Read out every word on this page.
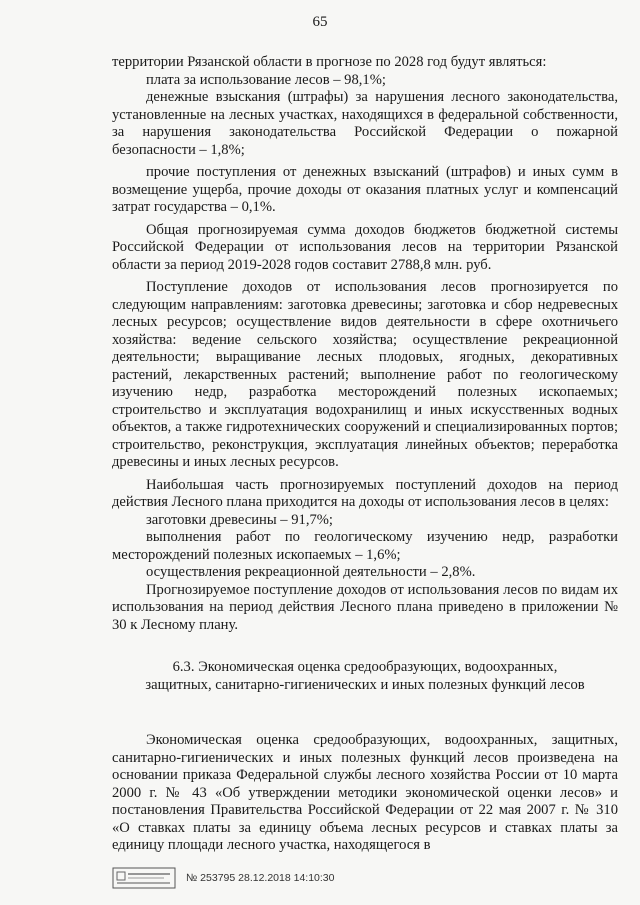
65

территории Рязанской области в прогнозе по 2028 год будут являться:

плата за использование лесов – 98,1%;

денежные взыскания (штрафы) за нарушения лесного законодательства, установленные на лесных участках, находящихся в федеральной собственности, за нарушения законодательства Российской Федерации о пожарной безопасности – 1,8%;

прочие поступления от денежных взысканий (штрафов) и иных сумм в возмещение ущерба, прочие доходы от оказания платных услуг и компенсаций затрат государства – 0,1%.

Общая прогнозируемая сумма доходов бюджетов бюджетной системы Российской Федерации от использования лесов на территории Рязанской области за период 2019-2028 годов составит 2788,8 млн. руб.

Поступление доходов от использования лесов прогнозируется по следующим направлениям: заготовка древесины; заготовка и сбор недревесных лесных ресурсов; осуществление видов деятельности в сфере охотничьего хозяйства: ведение сельского хозяйства; осуществление рекреационной деятельности; выращивание лесных плодовых, ягодных, декоративных растений, лекарственных растений; выполнение работ по геологическому изучению недр, разработка месторождений полезных ископаемых; строительство и эксплуатация водохранилищ и иных искусственных водных объектов, а также гидротехнических сооружений и специализированных портов; строительство, реконструкция, эксплуатация линейных объектов; переработка древесины и иных лесных ресурсов.

Наибольшая часть прогнозируемых поступлений доходов на период действия Лесного плана приходится на доходы от использования лесов в целях:

заготовки древесины – 91,7%;

выполнения работ по геологическому изучению недр, разработки месторождений полезных ископаемых – 1,6%;

осуществления рекреационной деятельности – 2,8%.

Прогнозируемое поступление доходов от использования лесов по видам их использования на период действия Лесного плана приведено в приложении № 30 к Лесному плану.

6.3. Экономическая оценка средообразующих, водоохранных,
защитных, санитарно-гигиенических и иных полезных функций лесов

Экономическая оценка средообразующих, водоохранных, защитных, санитарно-гигиенических и иных полезных функций лесов произведена на основании приказа Федеральной службы лесного хозяйства России от 10 марта 2000 г. № 43 «Об утверждении методики экономической оценки лесов» и постановления Правительства Российской Федерации от 22 мая 2007 г. № 310 «О ставках платы за единицу объема лесных ресурсов и ставках платы за единицу площади лесного участка, находящегося в

№ 253795 28.12.2018 14:10:30
